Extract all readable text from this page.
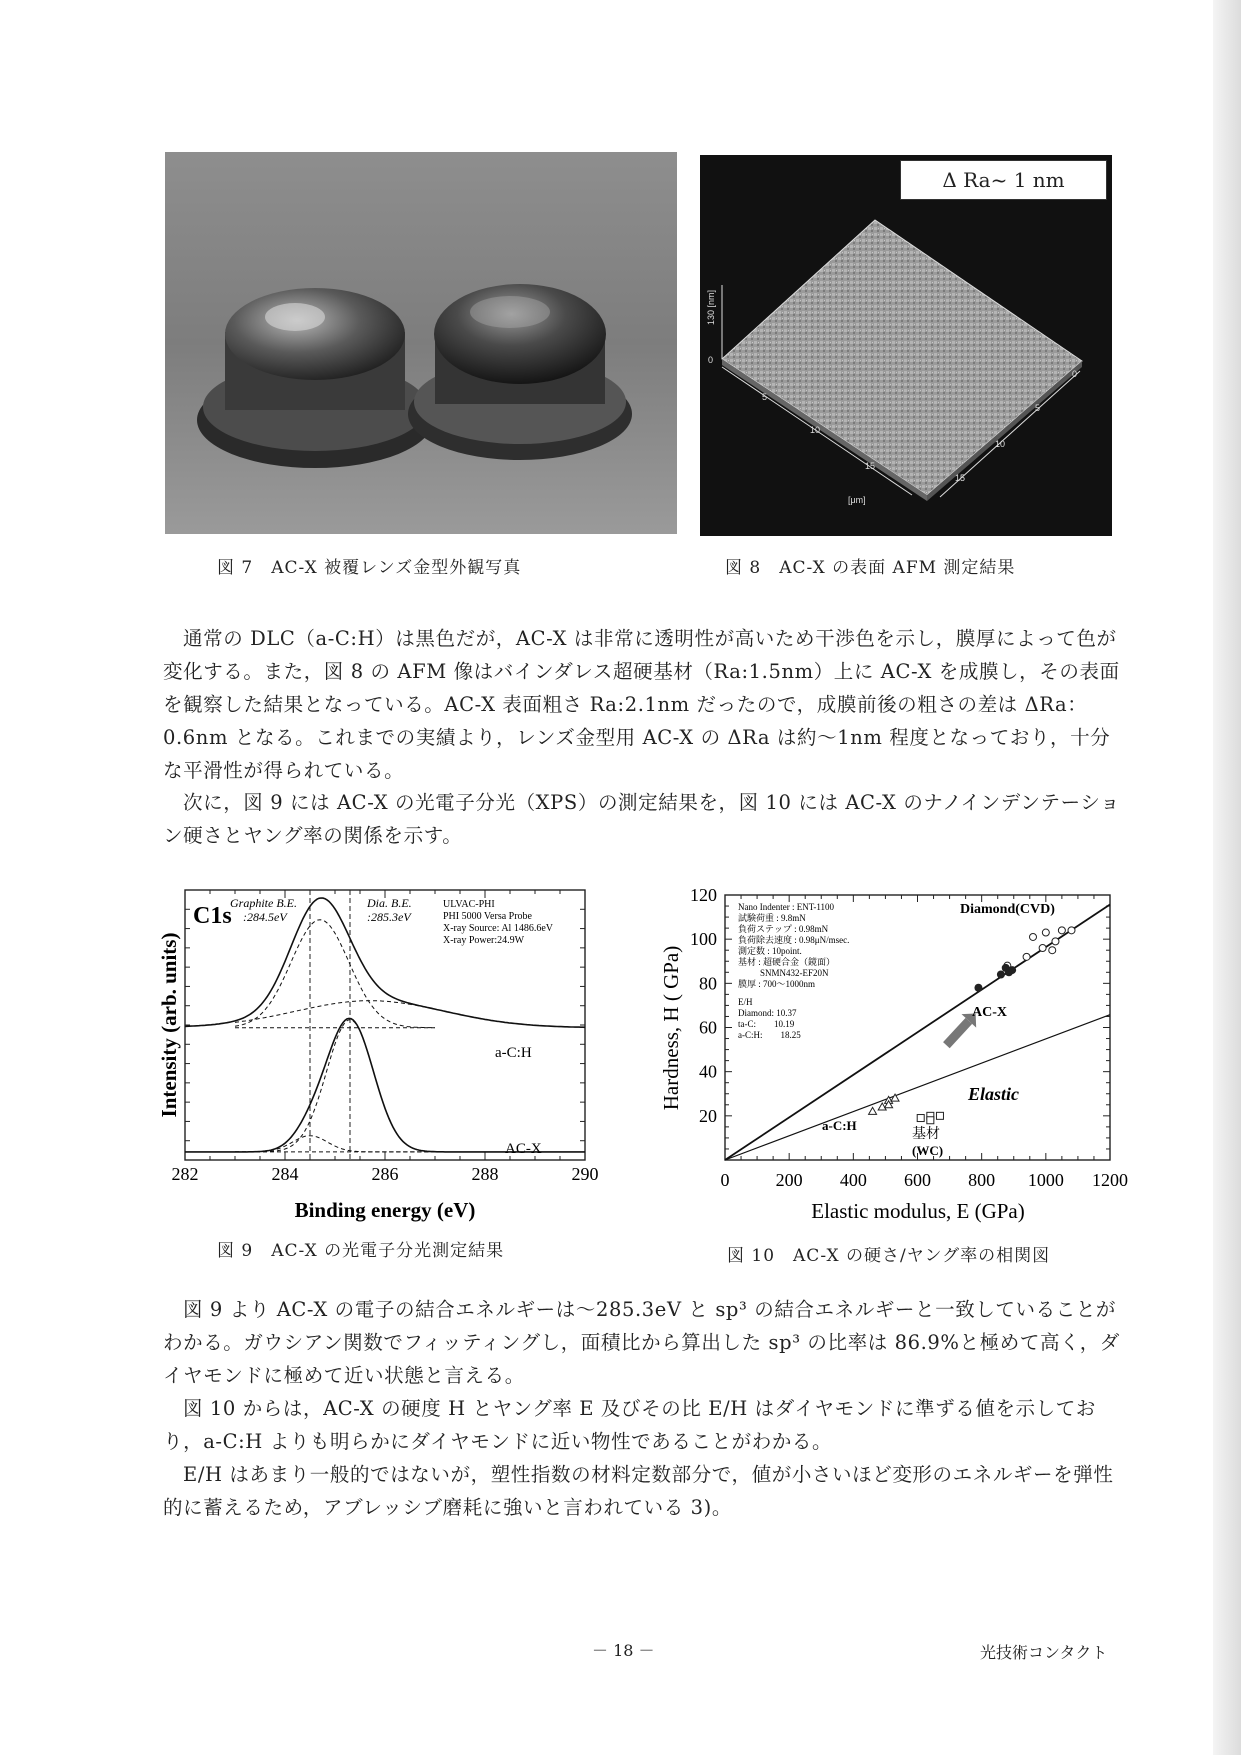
図 7　AC-X 被覆レンズ金型外観写真
130 [nm]
0
5
10
15
0
5
10
15
[μm]
Δ Ra~ 1 nm
図 8　AC-X の表面 AFM 測定結果

通常の DLC（a-C:H）は黒色だが，AC-X は非常に透明性が高いため干渉色を示し，膜厚によって色が変化する。また，図 8 の AFM 像はバインダレス超硬基材（Ra:1.5nm）上に AC-X を成膜し，その表面を観察した結果となっている。AC-X 表面粗さ Ra:2.1nm だったので，成膜前後の粗さの差は ΔRa：0.6nm となる。これまでの実績より，レンズ金型用 AC-X の ΔRa は約～1nm 程度となっており，十分な平滑性が得られている。

次に，図 9 には AC-X の光電子分光（XPS）の測定結果を，図 10 には AC-X のナノインデンテーション硬さとヤング率の関係を示す。

C1s
Graphite B.E.
:284.5eV
Dia. B.E.
:285.3eV
ULVAC-PHI
PHI 5000 Versa Probe
X-ray Source: Al 1486.6eV
X-ray Power:24.9W
a-C:H
AC-X
282	284	286	288	290
Binding energy (eV)
Intensity (arb. units)
図 9　AC-X の光電子分光測定結果
0	200 400 600 800 1000 1200
20
40
60
80
100
120
Nano Indenter : ENT-1100
試験荷重 : 9.8mN
負荷ステップ : 0.98mN
負荷除去速度 : 0.98μN/msec.
測定数 : 10point.
基材 : 超硬合金（鏡面）
SNMN432-EF20N
膜厚 : 700～1000nm
E/H
Diamond: 10.37
ta-C:　　10.19
a-C:H:　　18.25
Diamond(CVD)
AC-X
Elastic
a-C:H
基材
(WC)
Elastic modulus, E (GPa)
Hardness, H ( GPa)
図 10　AC-X の硬さ/ヤング率の相関図

図 9 より AC-X の電子の結合エネルギーは～285.3eV と sp³ の結合エネルギーと一致していることがわかる。ガウシアン関数でフィッティングし，面積比から算出した sp³ の比率は 86.9%と極めて高く，ダイヤモンドに極めて近い状態と言える。

図 10 からは，AC-X の硬度 H とヤング率 E 及びその比 E/H はダイヤモンドに準ずる値を示しており，a-C:H よりも明らかにダイヤモンドに近い物性であることがわかる。

E/H はあまり一般的ではないが，塑性指数の材料定数部分で，値が小さいほど変形のエネルギーを弾性的に蓄えるため，アブレッシブ磨耗に強いと言われている 3)。

－ 18 －	光技術コンタクト
